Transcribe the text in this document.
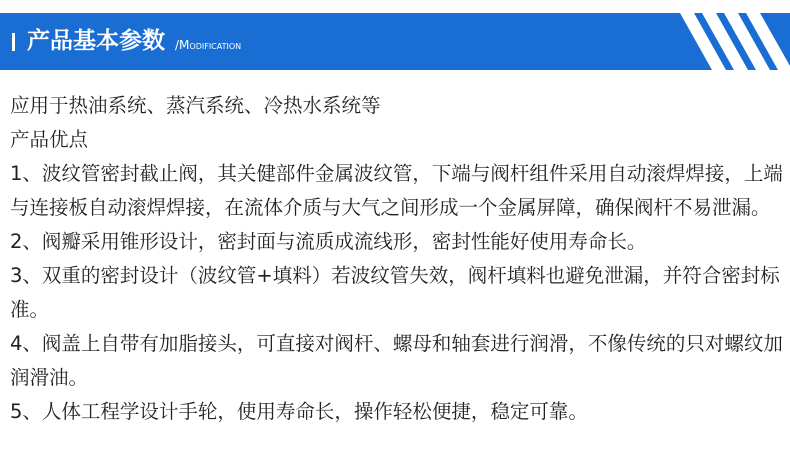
产品基本参数 /Modification

应用于热油系统、蒸汽系统、冷热水系统等

产品优点

1、波纹管密封截止阀，其关健部件金属波纹管，下端与阀杆组件采用自动滚焊焊接，上端与连接板自动滚焊焊接，在流体介质与大气之间形成一个金属屏障，确保阀杆不易泄漏。

2、阀瓣采用锥形设计，密封面与流质成流线形，密封性能好使用寿命长。

3、双重的密封设计（波纹管+填料）若波纹管失效，阀杆填料也避免泄漏，并符合密封标准。

4、阀盖上自带有加脂接头，可直接对阀杆、螺母和轴套进行润滑，不像传统的只对螺纹加润滑油。

5、人体工程学设计手轮，使用寿命长，操作轻松便捷，稳定可靠。
